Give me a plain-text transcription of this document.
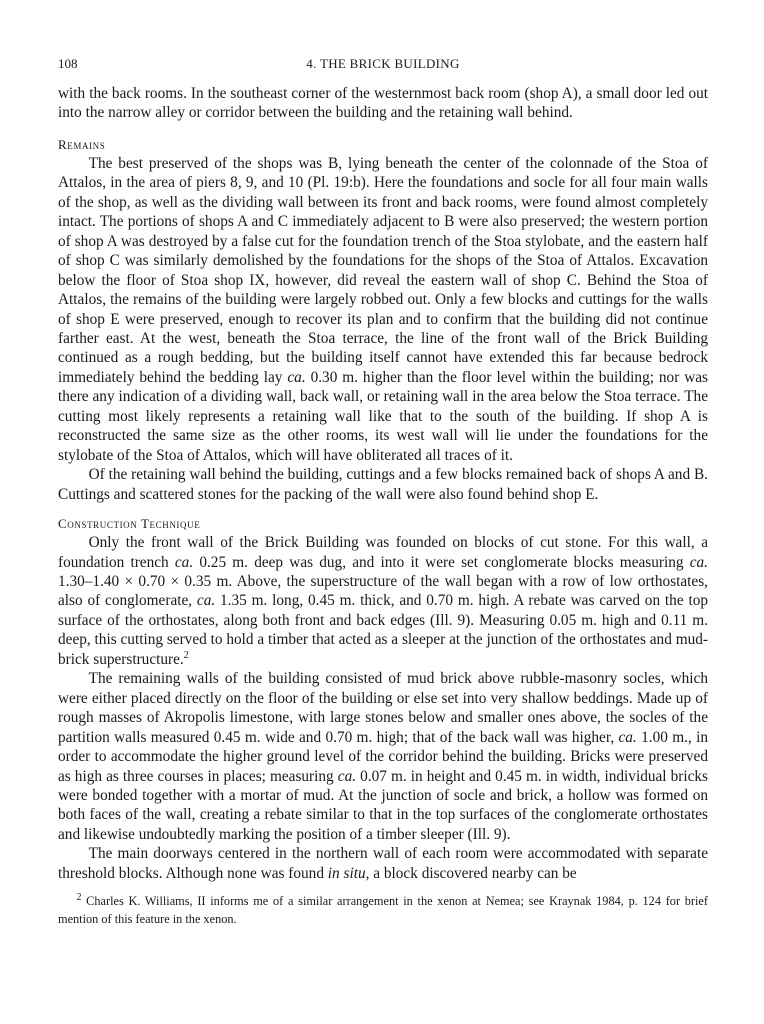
108	4. THE BRICK BUILDING

with the back rooms. In the southeast corner of the westernmost back room (shop A), a small door led out into the narrow alley or corridor between the building and the retaining wall behind.

Remains

The best preserved of the shops was B, lying beneath the center of the colonnade of the Stoa of Attalos, in the area of piers 8, 9, and 10 (Pl. 19:b). Here the foundations and socle for all four main walls of the shop, as well as the dividing wall between its front and back rooms, were found almost completely intact. The portions of shops A and C immediately adjacent to B were also preserved; the western portion of shop A was destroyed by a false cut for the foundation trench of the Stoa stylobate, and the eastern half of shop C was similarly demolished by the foundations for the shops of the Stoa of Attalos. Excavation below the floor of Stoa shop IX, however, did reveal the eastern wall of shop C. Behind the Stoa of Attalos, the remains of the building were largely robbed out. Only a few blocks and cuttings for the walls of shop E were preserved, enough to recover its plan and to confirm that the building did not continue farther east. At the west, beneath the Stoa terrace, the line of the front wall of the Brick Building continued as a rough bedding, but the building itself cannot have extended this far because bedrock immediately behind the bedding lay ca. 0.30 m. higher than the floor level within the building; nor was there any indication of a dividing wall, back wall, or retaining wall in the area below the Stoa terrace. The cutting most likely represents a retaining wall like that to the south of the building. If shop A is reconstructed the same size as the other rooms, its west wall will lie under the foundations for the stylobate of the Stoa of Attalos, which will have obliterated all traces of it.

Of the retaining wall behind the building, cuttings and a few blocks remained back of shops A and B. Cuttings and scattered stones for the packing of the wall were also found behind shop E.

Construction Technique

Only the front wall of the Brick Building was founded on blocks of cut stone. For this wall, a foundation trench ca. 0.25 m. deep was dug, and into it were set conglomerate blocks measuring ca. 1.30–1.40 × 0.70 × 0.35 m. Above, the superstructure of the wall began with a row of low orthostates, also of conglomerate, ca. 1.35 m. long, 0.45 m. thick, and 0.70 m. high. A rebate was carved on the top surface of the orthostates, along both front and back edges (Ill. 9). Measuring 0.05 m. high and 0.11 m. deep, this cutting served to hold a timber that acted as a sleeper at the junction of the orthostates and mud-brick superstructure.$^2$

The remaining walls of the building consisted of mud brick above rubble-masonry socles, which were either placed directly on the floor of the building or else set into very shallow beddings. Made up of rough masses of Akropolis limestone, with large stones below and smaller ones above, the socles of the partition walls measured 0.45 m. wide and 0.70 m. high; that of the back wall was higher, ca. 1.00 m., in order to accommodate the higher ground level of the corridor behind the building. Bricks were preserved as high as three courses in places; measuring ca. 0.07 m. in height and 0.45 m. in width, individual bricks were bonded together with a mortar of mud. At the junction of socle and brick, a hollow was formed on both faces of the wall, creating a rebate similar to that in the top surfaces of the conglomerate orthostates and likewise undoubtedly marking the position of a timber sleeper (Ill. 9).

The main doorways centered in the northern wall of each room were accommodated with separate threshold blocks. Although none was found in situ, a block discovered nearby can be

$^2$ Charles K. Williams, II informs me of a similar arrangement in the xenon at Nemea; see Kraynak 1984, p. 124 for brief mention of this feature in the xenon.
